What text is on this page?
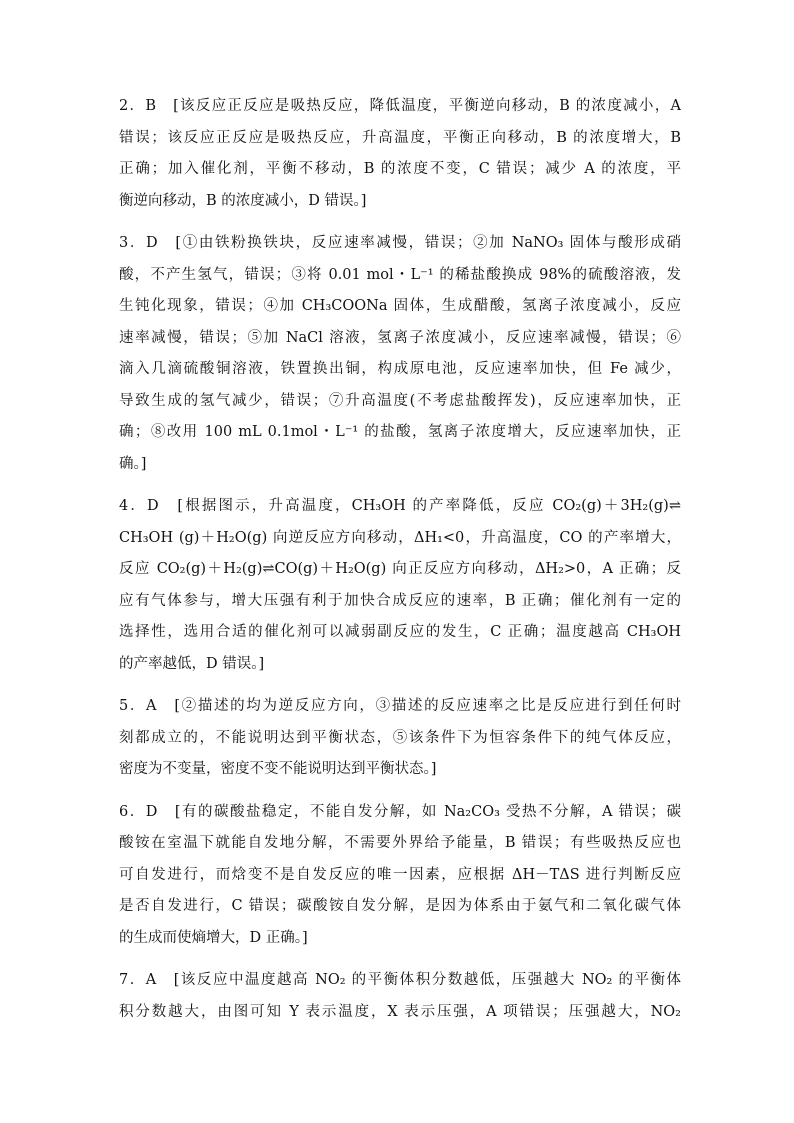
2．B　[该反应正反应是吸热反应，降低温度，平衡逆向移动，B 的浓度减小，A
错误；该反应正反应是吸热反应，升高温度，平衡正向移动，B 的浓度增大，B
正确；加入催化剂，平衡不移动，B 的浓度不变，C 错误；减少 A 的浓度，平
衡逆向移动，B 的浓度减小，D 错误。]
3．D　[①由铁粉换铁块，反应速率减慢，错误；②加 NaNO₃ 固体与酸形成硝
酸，不产生氢气，错误；③将 0.01 mol・L⁻¹ 的稀盐酸换成 98%的硫酸溶液，发
生钝化现象，错误；④加 CH₃COONa 固体，生成醋酸，氢离子浓度减小，反应
速率减慢，错误；⑤加 NaCl 溶液，氢离子浓度减小，反应速率减慢，错误；⑥
滴入几滴硫酸铜溶液，铁置换出铜，构成原电池，反应速率加快，但 Fe 减少，
导致生成的氢气减少，错误；⑦升高温度(不考虑盐酸挥发)，反应速率加快，正
确；⑧改用 100 mL 0.1mol・L⁻¹ 的盐酸，氢离子浓度增大，反应速率加快，正
确。]
4．D　[根据图示，升高温度，CH₃OH 的产率降低，反应 CO₂(g)＋3H₂(g)⇌
CH₃OH (g)＋H₂O(g) 向逆反应方向移动，ΔH₁<0，升高温度，CO 的产率增大，
反应 CO₂(g)＋H₂(g)⇌CO(g)＋H₂O(g) 向正反应方向移动，ΔH₂>0，A 正确；反
应有气体参与，增大压强有利于加快合成反应的速率，B 正确；催化剂有一定的
选择性，选用合适的催化剂可以减弱副反应的发生，C 正确；温度越高 CH₃OH
的产率越低，D 错误。]
5．A　[②描述的均为逆反应方向，③描述的反应速率之比是反应进行到任何时
刻都成立的，不能说明达到平衡状态，⑤该条件下为恒容条件下的纯气体反应，
密度为不变量，密度不变不能说明达到平衡状态。]
6．D　[有的碳酸盐稳定，不能自发分解，如 Na₂CO₃ 受热不分解，A 错误；碳
酸铵在室温下就能自发地分解，不需要外界给予能量，B 错误；有些吸热反应也
可自发进行，而焓变不是自发反应的唯一因素，应根据 ΔH－TΔS 进行判断反应
是否自发进行，C 错误；碳酸铵自发分解，是因为体系由于氨气和二氧化碳气体
的生成而使熵增大，D 正确。]
7．A　[该反应中温度越高 NO₂ 的平衡体积分数越低，压强越大 NO₂ 的平衡体
积分数越大，由图可知 Y 表示温度，X 表示压强，A 项错误；压强越大，NO₂
